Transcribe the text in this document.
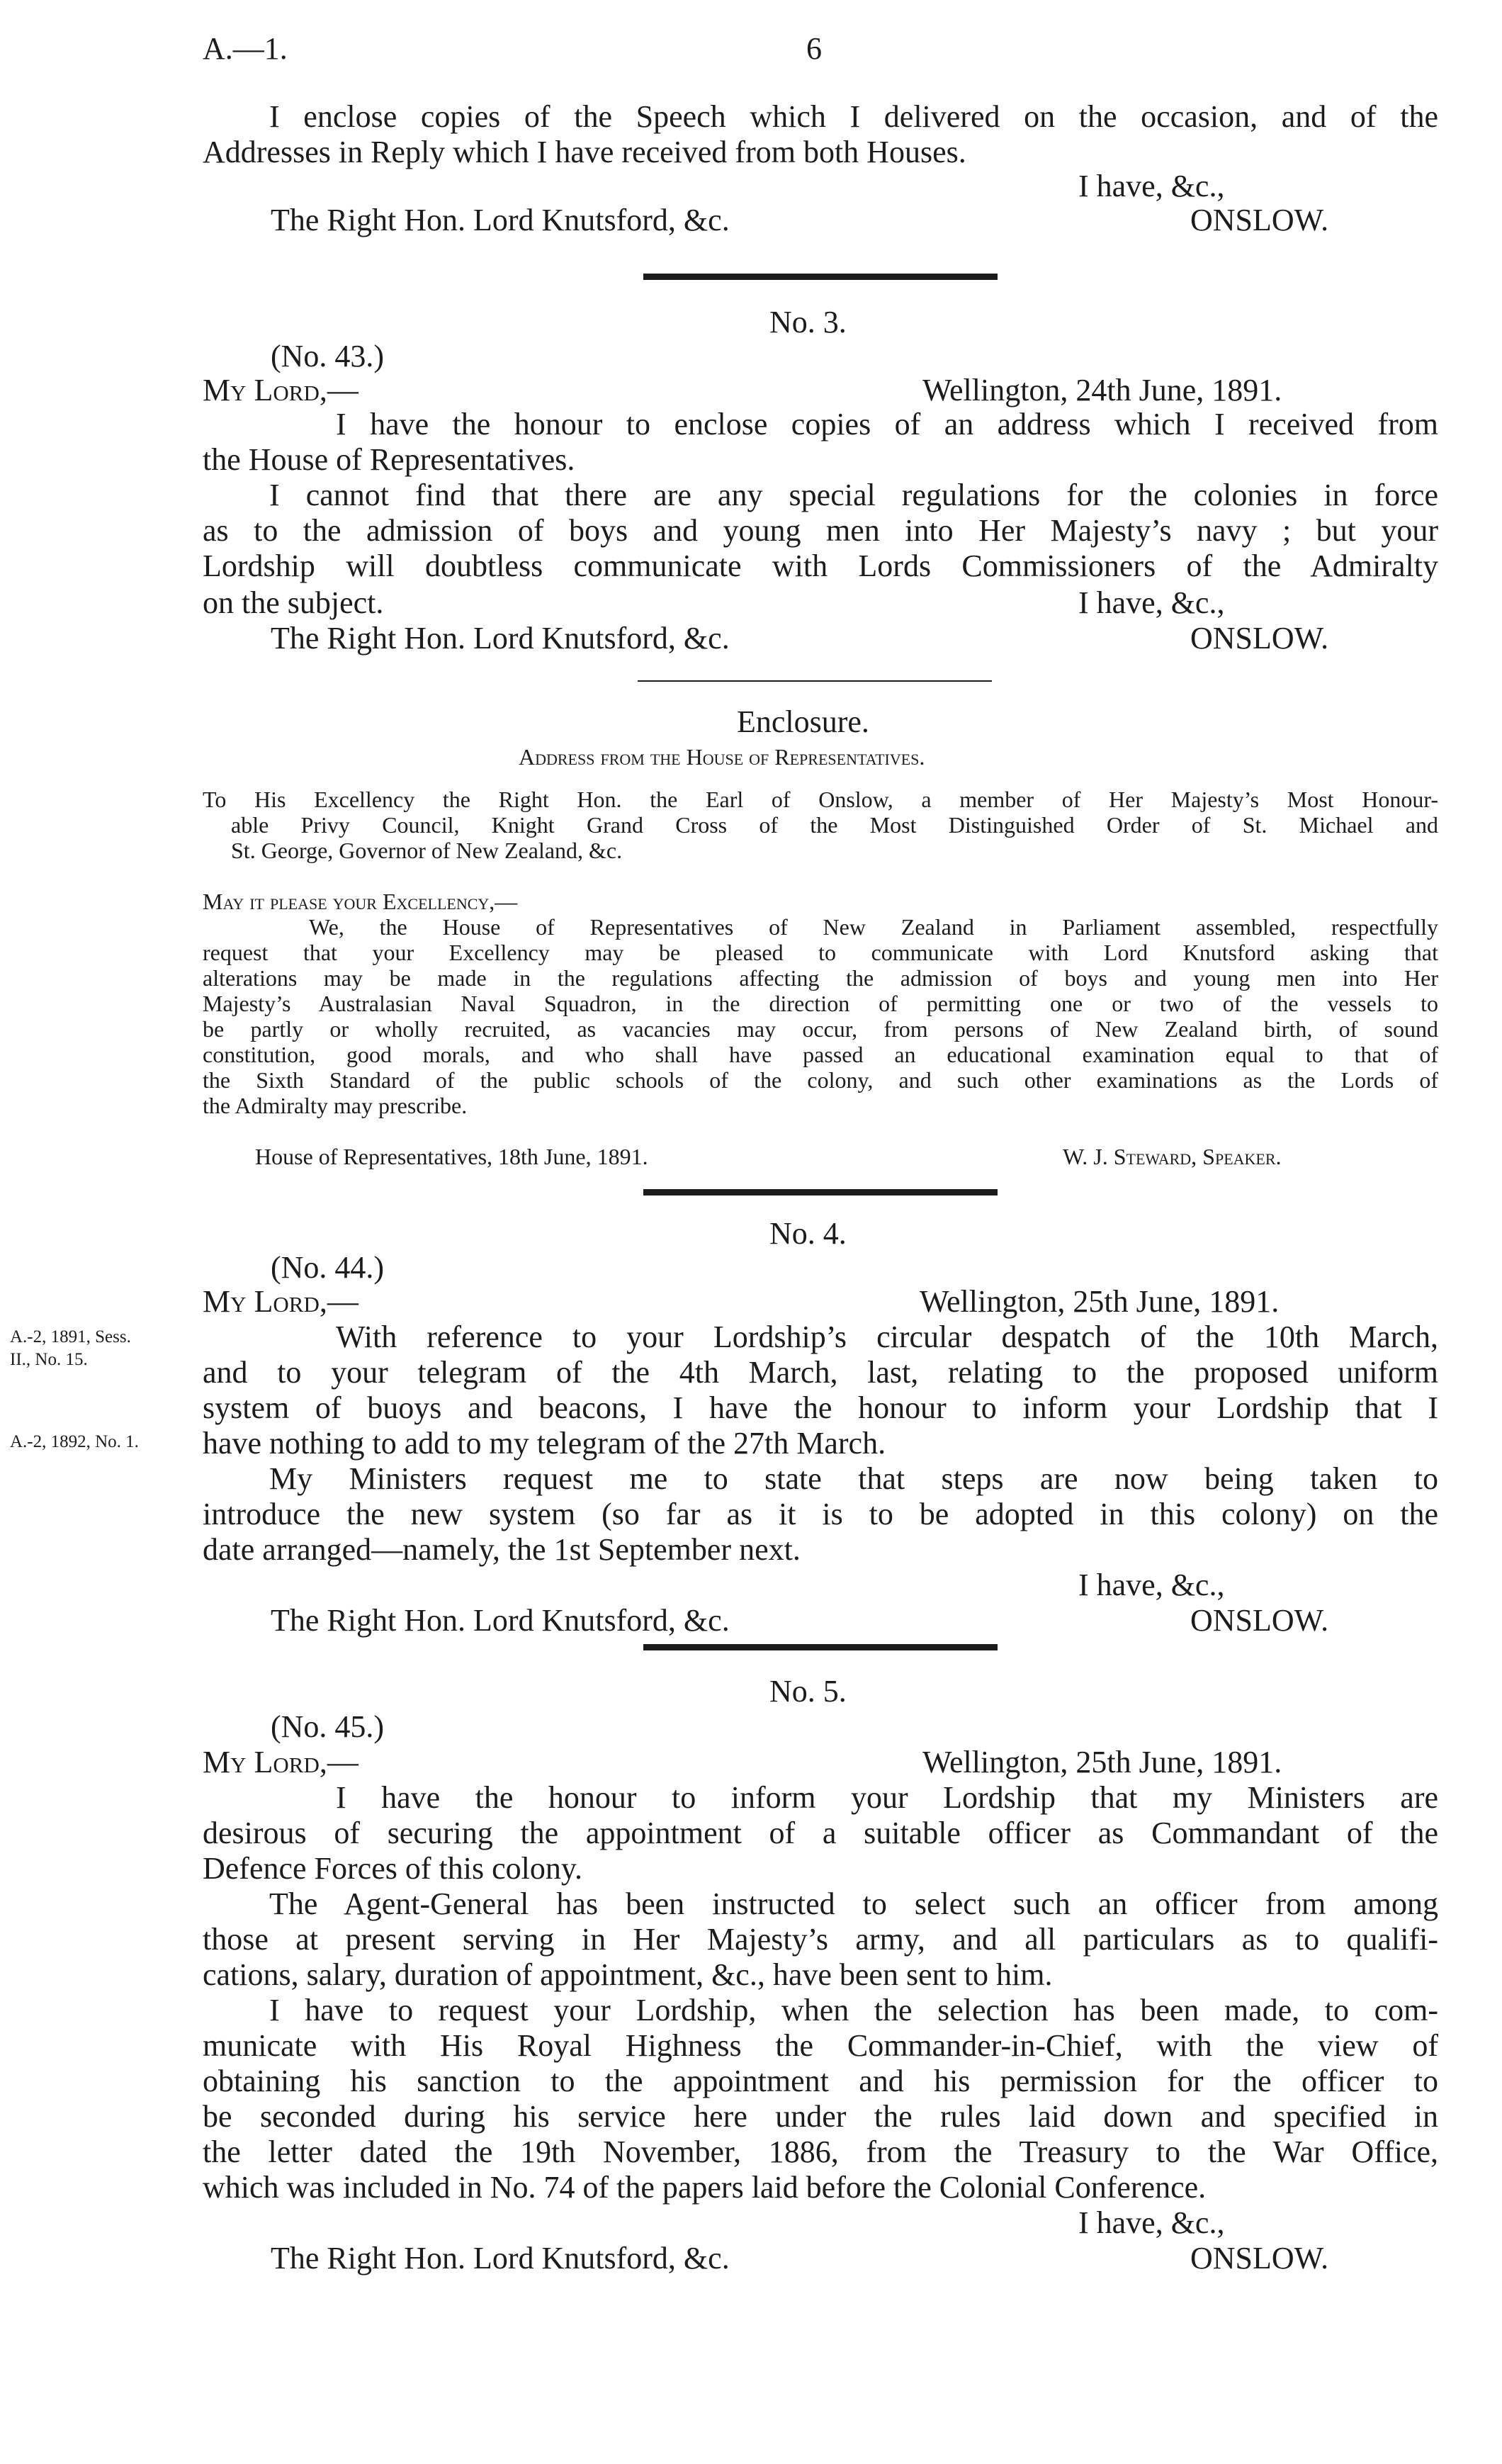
A.—1.	6
I enclose copies of the Speech which I delivered on the occasion, and of the
Addresses in Reply which I have received from both Houses.
I have, &c.,
The Right Hon. Lord Knutsford, &c.	ONSLOW.
No. 3.
(No. 43.)
My Lord,—	Wellington, 24th June, 1891.
I have the honour to enclose copies of an address which I received from
the House of Representatives.
I cannot find that there are any special regulations for the colonies in force
as to the admission of boys and young men into Her Majesty’s navy ; but your
Lordship will doubtless communicate with Lords Commissioners of the Admiralty
on the subject.	I have, &c.,
The Right Hon. Lord Knutsford, &c.	ONSLOW.
Enclosure.
Address from the House of Representatives.
To His Excellency the Right Hon. the Earl of Onslow, a member of Her Majesty’s Most Honour-
able Privy Council, Knight Grand Cross of the Most Distinguished Order of St. Michael and
St. George, Governor of New Zealand, &c.
May it please your Excellency,—
We, the House of Representatives of New Zealand in Parliament assembled, respectfully
request that your Excellency may be pleased to communicate with Lord Knutsford asking that
alterations may be made in the regulations affecting the admission of boys and young men into Her
Majesty’s Australasian Naval Squadron, in the direction of permitting one or two of the vessels to
be partly or wholly recruited, as vacancies may occur, from persons of New Zealand birth, of sound
constitution, good morals, and who shall have passed an educational examination equal to that of
the Sixth Standard of the public schools of the colony, and such other examinations as the Lords of
the Admiralty may prescribe.
House of Representatives, 18th June, 1891.	W. J. Steward, Speaker.
No. 4.
(No. 44.)
My Lord,—	Wellington, 25th June, 1891.
A.-2, 1891, Sess.
II., No. 15.
A.-2, 1892, No. 1.
With reference to your Lordship’s circular despatch of the 10th March,
and to your telegram of the 4th March, last, relating to the proposed uniform
system of buoys and beacons, I have the honour to inform your Lordship that I
have nothing to add to my telegram of the 27th March.
My Ministers request me to state that steps are now being taken to
introduce the new system (so far as it is to be adopted in this colony) on the
date arranged—namely, the 1st September next.
I have, &c.,
The Right Hon. Lord Knutsford, &c.	ONSLOW.
No. 5.
(No. 45.)
My Lord,—	Wellington, 25th June, 1891.
I have the honour to inform your Lordship that my Ministers are
desirous of securing the appointment of a suitable officer as Commandant of the
Defence Forces of this colony.
The Agent-General has been instructed to select such an officer from among
those at present serving in Her Majesty’s army, and all particulars as to qualifi-
cations, salary, duration of appointment, &c., have been sent to him.
I have to request your Lordship, when the selection has been made, to com-
municate with His Royal Highness the Commander-in-Chief, with the view of
obtaining his sanction to the appointment and his permission for the officer to
be seconded during his service here under the rules laid down and specified in
the letter dated the 19th November, 1886, from the Treasury to the War Office,
which was included in No. 74 of the papers laid before the Colonial Conference.
I have, &c.,
The Right Hon. Lord Knutsford, &c.	ONSLOW.
